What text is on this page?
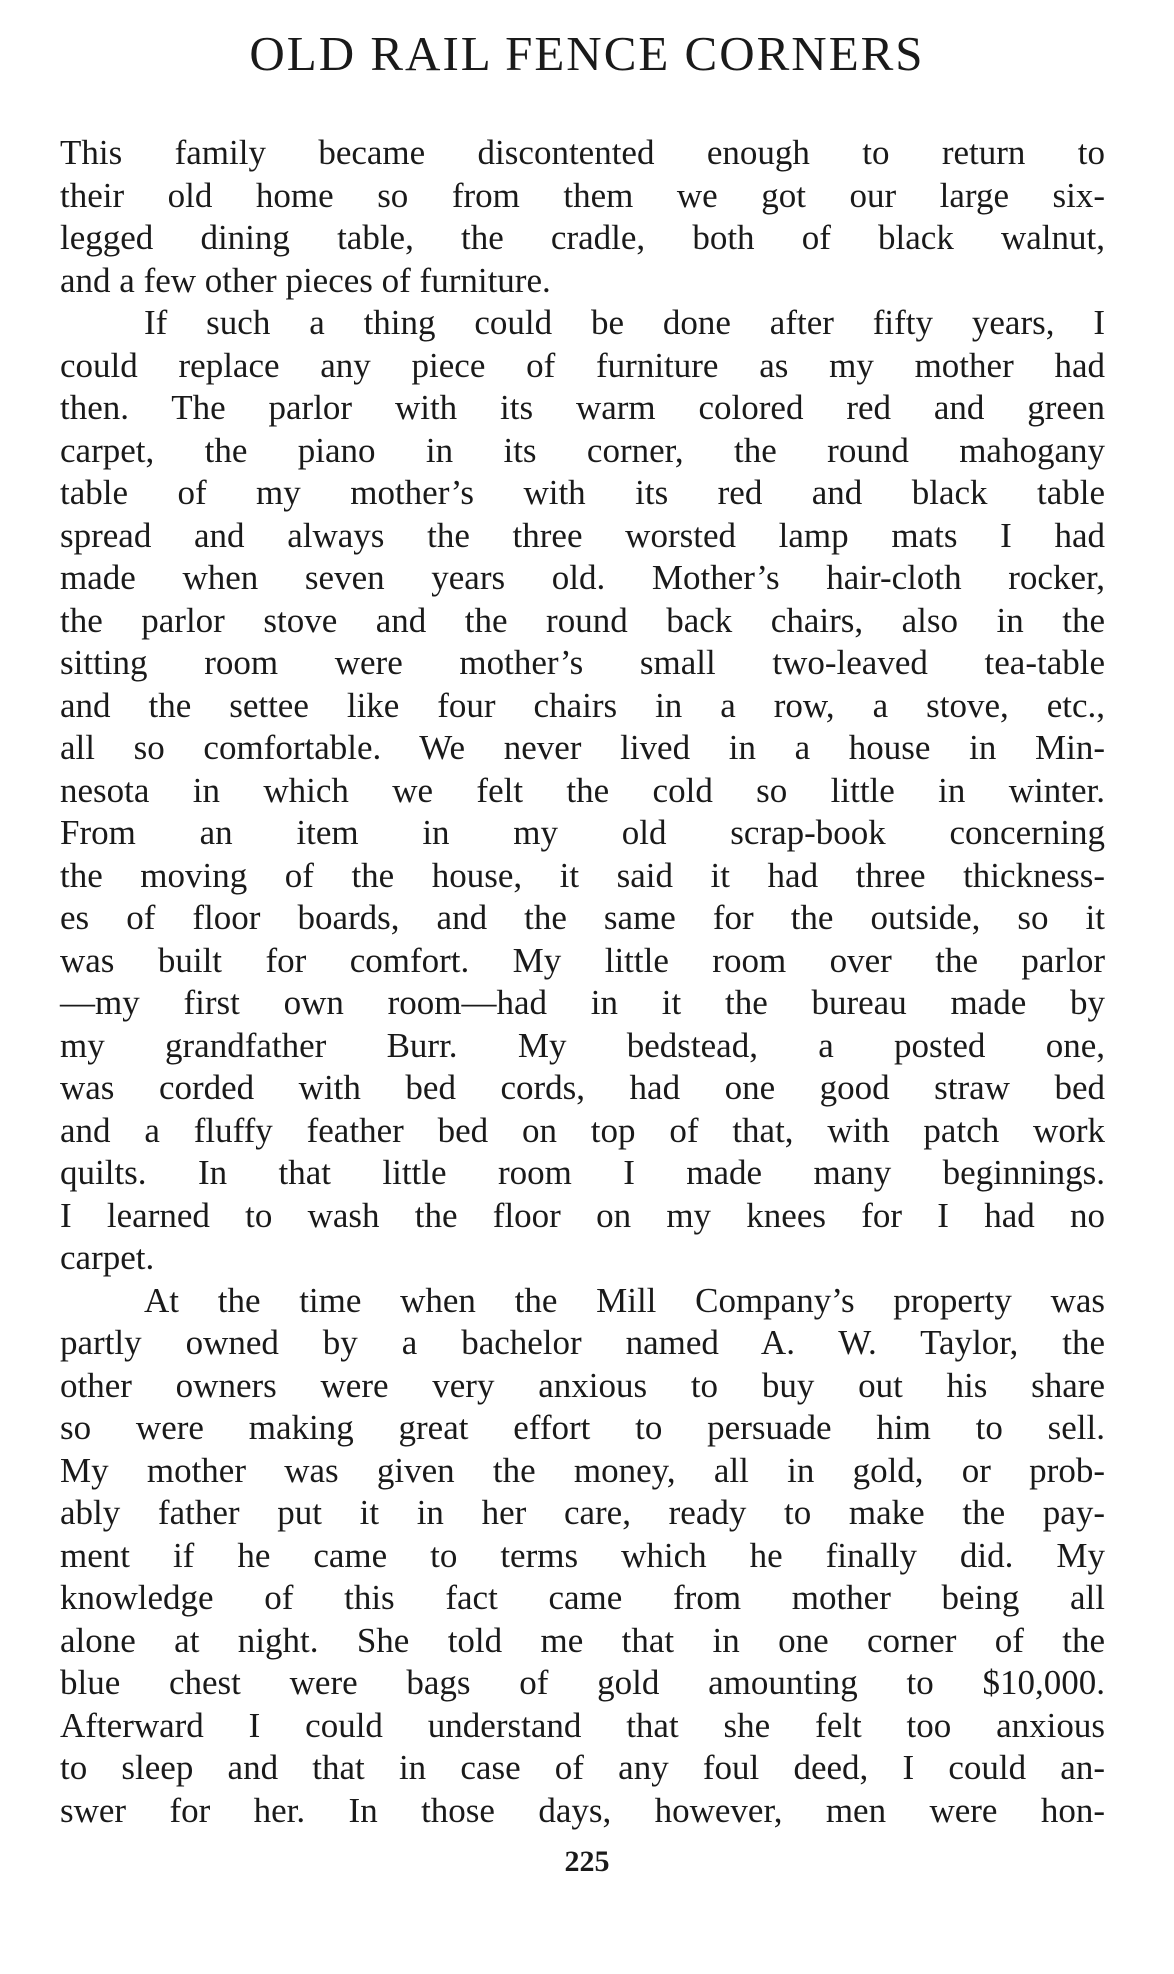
OLD RAIL FENCE CORNERS
This family became discontented enough to return to
their old home so from them we got our large six-
legged dining table, the cradle, both of black walnut,
and a few other pieces of furniture.
If such a thing could be done after fifty years, I
could replace any piece of furniture as my mother had
then. The parlor with its warm colored red and green
carpet, the piano in its corner, the round mahogany
table of my mother’s with its red and black table
spread and always the three worsted lamp mats I had
made when seven years old. Mother’s hair-cloth rocker,
the parlor stove and the round back chairs, also in the
sitting room were mother’s small two-leaved tea-table
and the settee like four chairs in a row, a stove, etc.,
all so comfortable. We never lived in a house in Min-
nesota in which we felt the cold so little in winter.
From an item in my old scrap-book concerning
the moving of the house, it said it had three thickness-
es of floor boards, and the same for the outside, so it
was built for comfort. My little room over the parlor
—my first own room—had in it the bureau made by
my grandfather Burr. My bedstead, a posted one,
was corded with bed cords, had one good straw bed
and a fluffy feather bed on top of that, with patch work
quilts. In that little room I made many beginnings.
I learned to wash the floor on my knees for I had no
carpet.
At the time when the Mill Company’s property was
partly owned by a bachelor named A. W. Taylor, the
other owners were very anxious to buy out his share
so were making great effort to persuade him to sell.
My mother was given the money, all in gold, or prob-
ably father put it in her care, ready to make the pay-
ment if he came to terms which he finally did. My
knowledge of this fact came from mother being all
alone at night. She told me that in one corner of the
blue chest were bags of gold amounting to $10,000.
Afterward I could understand that she felt too anxious
to sleep and that in case of any foul deed, I could an-
swer for her. In those days, however, men were hon-
225
